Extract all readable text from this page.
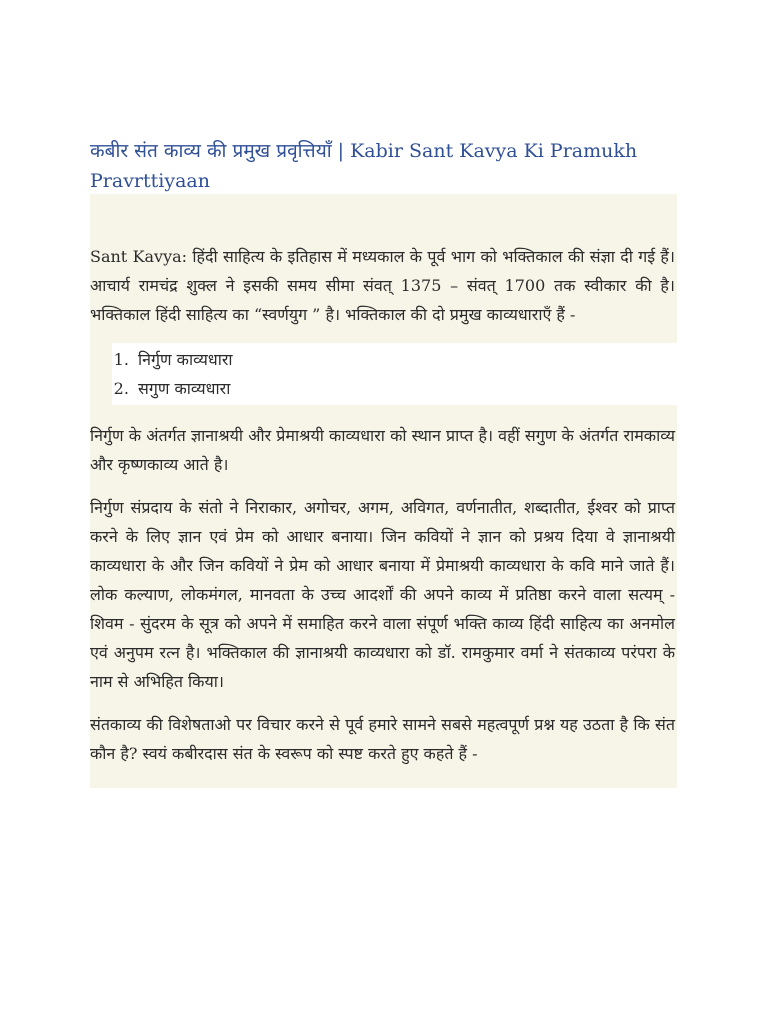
कबीर संत काव्य की प्रमुख प्रवृत्तियाँ | Kabir Sant Kavya Ki Pramukh Pravrttiyaan

Sant Kavya: हिंदी साहित्य के इतिहास में मध्यकाल के पूर्व भाग को भक्तिकाल की संज्ञा दी गई हैं। आचार्य रामचंद्र शुक्ल ने इसकी समय सीमा संवत् 1375 – संवत् 1700 तक स्वीकार की है। भक्तिकाल हिंदी साहित्य का “स्वर्णयुग ” है। भक्तिकाल की दो प्रमुख काव्यधाराएँ हैं -

1. निर्गुण काव्यधारा
2. सगुण काव्यधारा

निर्गुण के अंतर्गत ज्ञानाश्रयी और प्रेमाश्रयी काव्यधारा को स्थान प्राप्त है। वहीं सगुण के अंतर्गत रामकाव्य और कृष्णकाव्य आते है।

निर्गुण संप्रदाय के संतो ने निराकार, अगोचर, अगम, अविगत, वर्णनातीत, शब्दातीत, ईश्वर को प्राप्त करने के लिए ज्ञान एवं प्रेम को आधार बनाया। जिन कवियों ने ज्ञान को प्रश्रय दिया वे ज्ञानाश्रयी काव्यधारा के और जिन कवियों ने प्रेम को आधार बनाया में प्रेमाश्रयी काव्यधारा के कवि माने जाते हैं। लोक कल्याण, लोकमंगल, मानवता के उच्च आदर्शों की अपने काव्य में प्रतिष्ठा करने वाला सत्यम् - शिवम - सुंदरम के सूत्र को अपने में समाहित करने वाला संपूर्ण भक्ति काव्य हिंदी साहित्य का अनमोल एवं अनुपम रत्न है। भक्तिकाल की ज्ञानाश्रयी काव्यधारा को डॉ. रामकुमार वर्मा ने संतकाव्य परंपरा के नाम से अभिहित किया।

संतकाव्य की विशेषताओ पर विचार करने से पूर्व हमारे सामने सबसे महत्वपूर्ण प्रश्न यह उठता है कि संत कौन है? स्वयं कबीरदास संत के स्वरूप को स्पष्ट करते हुए कहते हैं -
